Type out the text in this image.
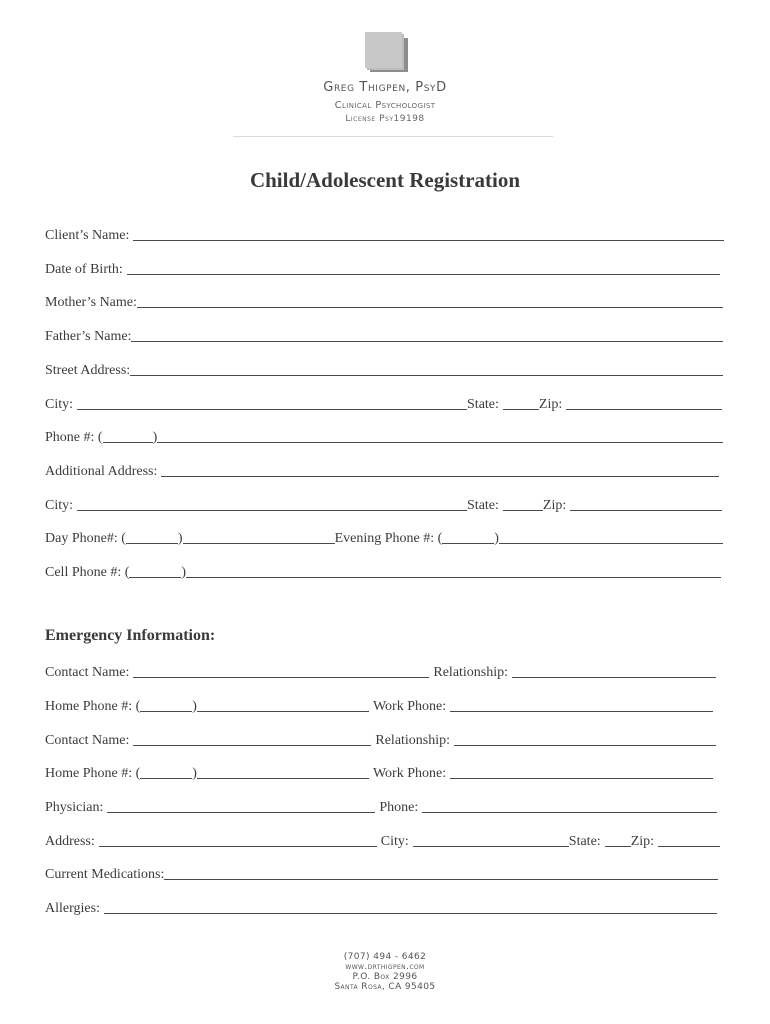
Greg Thigpen, PsyD
Clinical Psychologist
License Psy19198
Child/Adolescent Registration
Client’s Name:
Date of Birth:
Mother’s Name:
Father’s Name:
Street Address:
City:	State:	Zip:
Phone #: (	)
Additional Address:
City:	State:	Zip:
Day Phone#: (	)	Evening Phone #: (	)
Cell Phone #: (	)
Emergency Information:
Contact Name:	Relationship:
Home Phone #: (	)	Work Phone:
Contact Name:	Relationship:
Home Phone #: (	)	Work Phone:
Physician:	Phone:
Address:	City:	State: Zip:
Current Medications:
Allergies:
(707) 494 - 6462
www.drthigpen.com
P.O. Box 2996
Santa Rosa, CA 95405
